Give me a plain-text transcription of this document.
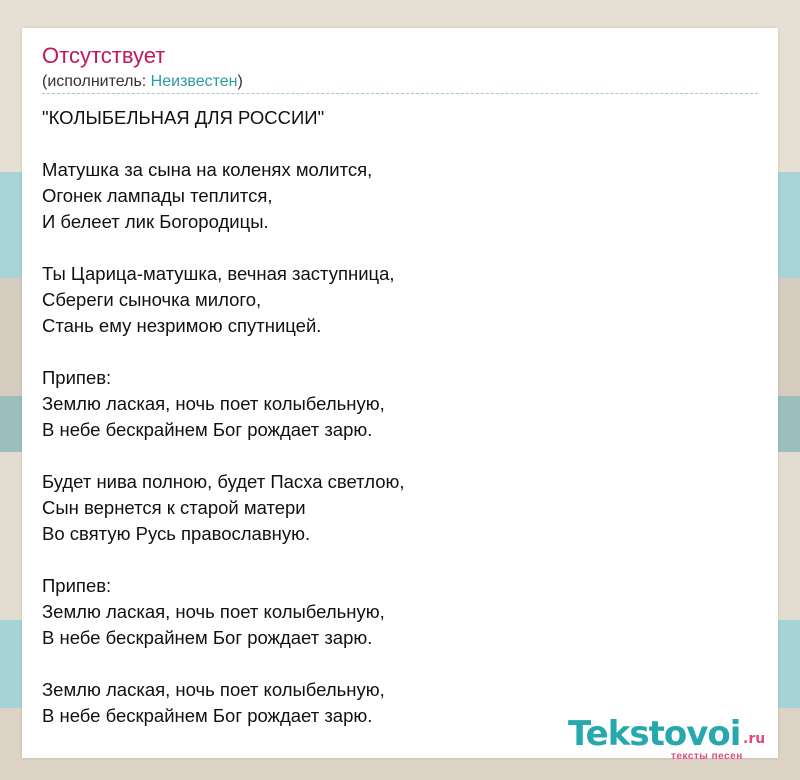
Отсутствует
(исполнитель: Неизвестен)
"КОЛЫБЕЛЬНАЯ ДЛЯ РОССИИ"
Матушка за сына на коленях молится,
Огонек лампады теплится,
И белеет лик Богородицы.
Ты Царица-матушка, вечная заступница,
Сбереги сыночка милого,
Стань ему незримою спутницей.
Припев:
Землю лаская, ночь поет колыбельную,
В небе бескрайнем Бог рождает зарю.
Будет нива полною, будет Пасха светлою,
Сын вернется к старой матери
Во святую Русь православную.
Припев:
Землю лаская, ночь поет колыбельную,
В небе бескрайнем Бог рождает зарю.
Землю лаская, ночь поет колыбельную,
В небе бескрайнем Бог рождает зарю.	Tekstovoi .ru
тексты песен
